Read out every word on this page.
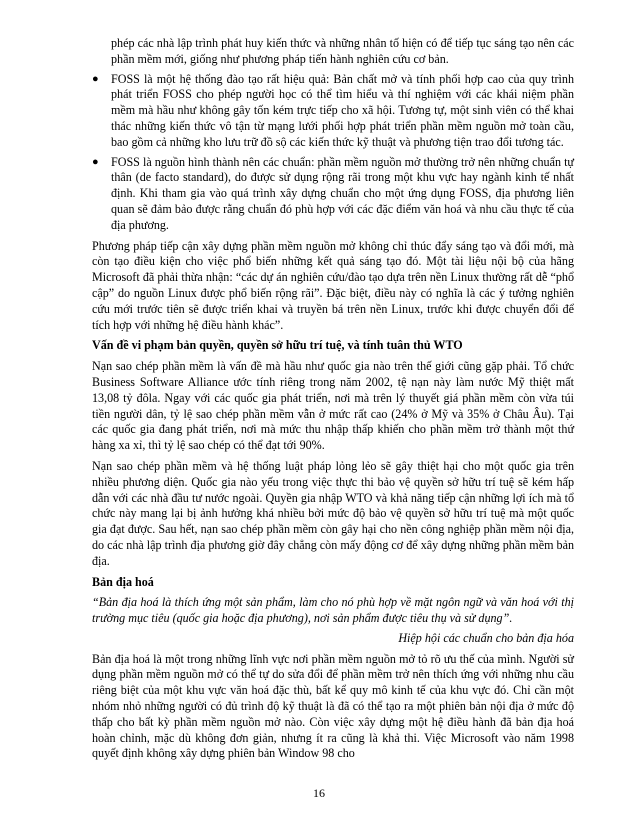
phép các nhà lập trình phát huy kiến thức và những nhân tố hiện có để tiếp tục sáng tạo nên các phần mềm mới, giống như phương pháp tiến hành nghiên cứu cơ bản.

● FOSS là một hệ thống đào tạo rất hiệu quả: Bản chất mở và tính phối hợp cao của quy trình phát triển FOSS cho phép người học có thể tìm hiểu và thí nghiệm với các khái niệm phần mềm mà hầu như không gây tốn kém trực tiếp cho xã hội. Tương tự, một sinh viên có thể khai thác những kiến thức vô tận từ mạng lưới phối hợp phát triển phần mềm nguồn mở toàn cầu, bao gồm cả những kho lưu trữ đồ sộ các kiến thức kỹ thuật và phương tiện trao đổi tương tác.
● FOSS là nguồn hình thành nên các chuẩn: phần mềm nguồn mở thường trở nên những chuẩn tự thân (de facto standard), do được sử dụng rộng rãi trong một khu vực hay ngành kinh tế nhất định. Khi tham gia vào quá trình xây dựng chuẩn cho một ứng dụng FOSS, địa phương liên quan sẽ đảm bảo được rằng chuẩn đó phù hợp với các đặc điểm văn hoá và nhu cầu thực tế của địa phương.

Phương pháp tiếp cận xây dựng phần mềm nguồn mở không chỉ thúc đẩy sáng tạo và đổi mới, mà còn tạo điều kiện cho việc phổ biến những kết quả sáng tạo đó. Một tài liệu nội bộ của hãng Microsoft đã phải thừa nhận: “các dự án nghiên cứu/đào tạo dựa trên nền Linux thường rất dễ “phổ cập” do nguồn Linux được phổ biến rộng rãi”. Đặc biệt, điều này có nghĩa là các ý tưởng nghiên cứu mới trước tiên sẽ được triển khai và truyền bá trên nền Linux, trước khi được chuyển đổi để tích hợp với những hệ điều hành khác”.

Vấn đề vi phạm bản quyền, quyền sở hữu trí tuệ, và tính tuân thủ WTO

Nạn sao chép phần mềm là vấn đề mà hầu như quốc gia nào trên thế giới cũng gặp phải. Tổ chức Business Software Alliance ước tính riêng trong năm 2002, tệ nạn này làm nước Mỹ thiệt mất 13,08 tỷ đôla. Ngay với các quốc gia phát triển, nơi mà trên lý thuyết giá phần mềm còn vừa túi tiền người dân, tỷ lệ sao chép phần mềm vẫn ở mức rất cao (24% ở Mỹ và 35% ở Châu Âu). Tại các quốc gia đang phát triển, nơi mà mức thu nhập thấp khiến cho phần mềm trở thành một thứ hàng xa xỉ, thì tỷ lệ sao chép có thể đạt tới 90%.

Nạn sao chép phần mềm và hệ thống luật pháp lỏng lẻo sẽ gây thiệt hại cho một quốc gia trên nhiều phương diện. Quốc gia nào yếu trong việc thực thi bảo vệ quyền sở hữu trí tuệ sẽ kém hấp dẫn với các nhà đầu tư nước ngoài. Quyền gia nhập WTO và khả năng tiếp cận những lợi ích mà tổ chức này mang lại bị ảnh hưởng khá nhiều bởi mức độ bảo vệ quyền sở hữu trí tuệ mà một quốc gia đạt được. Sau hết, nạn sao chép phần mềm còn gây hại cho nền công nghiệp phần mềm nội địa, do các nhà lập trình địa phương giờ đây chẳng còn mấy động cơ để xây dựng những phần mềm bản địa.

Bản địa hoá

“Bản địa hoá là thích ứng một sản phẩm, làm cho nó phù hợp về mặt ngôn ngữ và văn hoá với thị trường mục tiêu (quốc gia hoặc địa phương), nơi sản phẩm được tiêu thụ và sử dụng”.

Hiệp hội các chuẩn cho bản địa hóa

Bản địa hoá là một trong những lĩnh vực nơi phần mềm nguồn mở tỏ rõ ưu thế của mình. Người sử dụng phần mềm nguồn mở có thể tự do sửa đổi để phần mềm trở nên thích ứng với những nhu cầu riêng biệt của một khu vực văn hoá đặc thù, bất kể quy mô kinh tế của khu vực đó. Chỉ cần một nhóm nhỏ những người có đủ trình độ kỹ thuật là đã có thể tạo ra một phiên bản nội địa ở mức độ thấp cho bất kỳ phần mềm nguồn mở nào. Còn việc xây dựng một hệ điều hành đã bản địa hoá hoàn chỉnh, mặc dù không đơn giản, nhưng ít ra cũng là khả thi. Việc Microsoft vào năm 1998 quyết định không xây dựng phiên bản Window 98 cho

16
